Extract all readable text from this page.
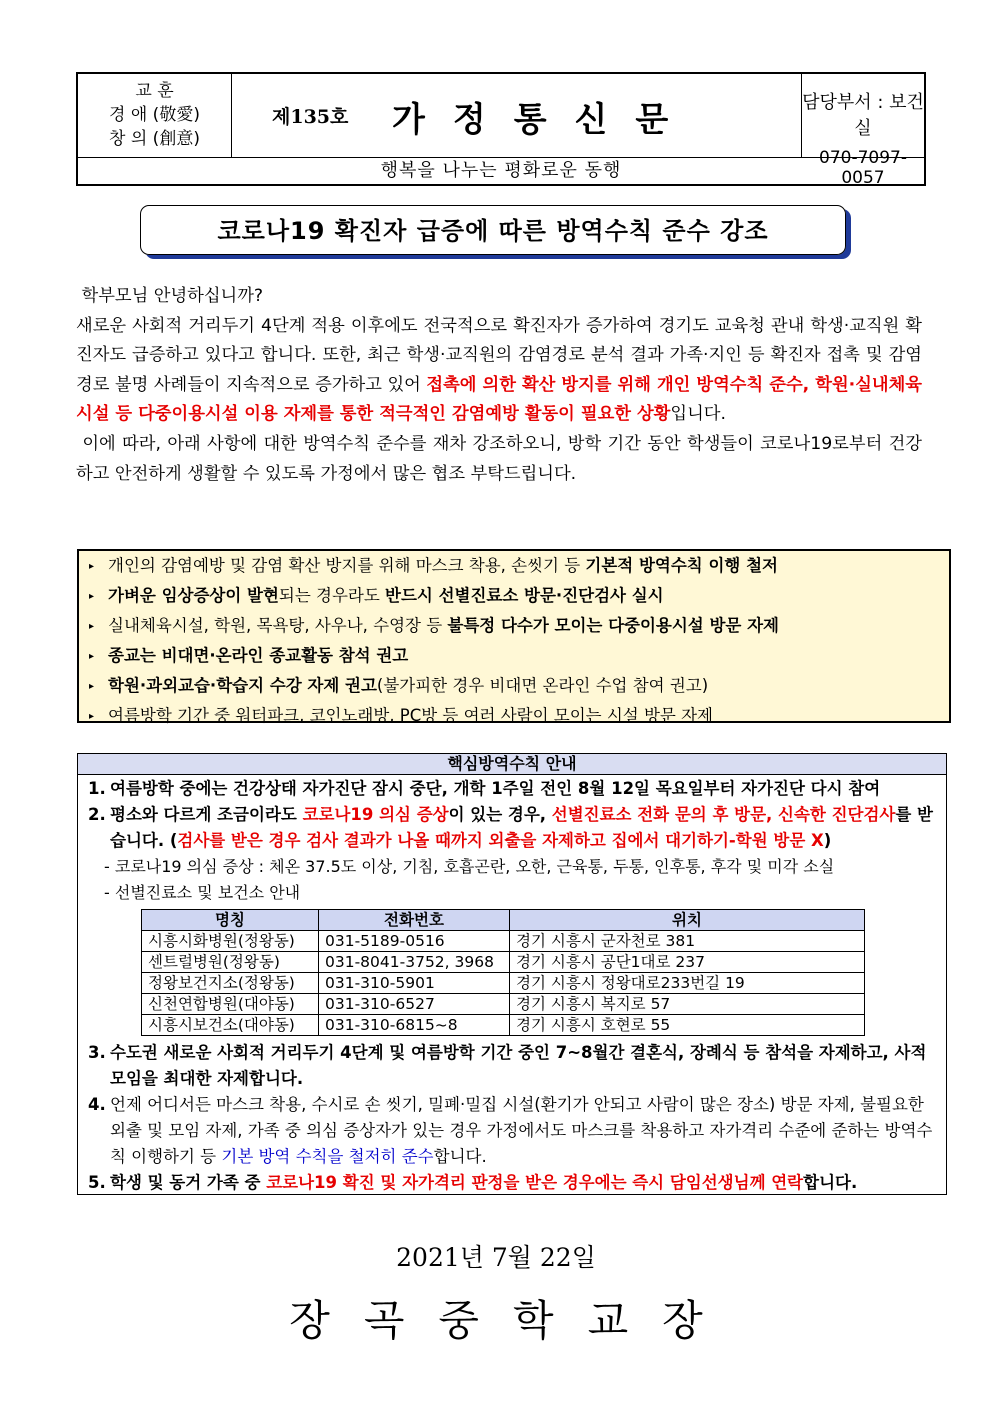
교 훈
경 애 (敬愛)
창 의 (創意)
제135호 가정통신문	담당부서 : 보건실
070-7097-0057
행복을 나누는 평화로운 동행
코로나19 확진자 급증에 따른 방역수칙 준수 강조

학부모님 안녕하십니까?

새로운 사회적 거리두기 4단계 적용 이후에도 전국적으로 확진자가 증가하여 경기도 교육청 관내 학생·교직원 확진자도 급증하고 있다고 합니다. 또한, 최근 학생·교직원의 감염경로 분석 결과 가족·지인 등 확진자 접촉 및 감염경로 불명 사례들이 지속적으로 증가하고 있어 접촉에 의한 확산 방지를 위해 개인 방역수칙 준수, 학원·실내체육시설 등 다중이용시설 이용 자제를 통한 적극적인 감염예방 활동이 필요한 상황입니다.

이에 따라, 아래 사항에 대한 방역수칙 준수를 재차 강조하오니, 방학 기간 동안 학생들이 코로나19로부터 건강하고 안전하게 생활할 수 있도록 가정에서 많은 협조 부탁드립니다.

▸ 개인의 감염예방 및 감염 확산 방지를 위해 마스크 착용, 손씻기 등 기본적 방역수칙 이행 철저
▸ 가벼운 임상증상이 발현되는 경우라도 반드시 선별진료소 방문·진단검사 실시
▸ 실내체육시설, 학원, 목욕탕, 사우나, 수영장 등 불특정 다수가 모이는 다중이용시설 방문 자제
▸ 종교는 비대면·온라인 종교활동 참석 권고
▸ 학원·과외교습·학습지 수강 자제 권고(불가피한 경우 비대면 온라인 수업 참여 권고)
▸ 여름방학 기간 중 워터파크, 코인노래방, PC방 등 여러 사람이 모이는 시설 방문 자제
핵심방역수칙 안내
1. 여름방학 중에는 건강상태 자가진단 잠시 중단, 개학 1주일 전인 8월 12일 목요일부터 자가진단 다시 참여
2. 평소와 다르게 조금이라도 코로나19 의심 증상이 있는 경우, 선별진료소 전화 문의 후 방문, 신속한 진단검사를 받습니다. (검사를 받은 경우 검사 결과가 나올 때까지 외출을 자제하고 집에서 대기하기-학원 방문 X)
- 코로나19 의심 증상 : 체온 37.5도 이상, 기침, 호흡곤란, 오한, 근육통, 두통, 인후통, 후각 및 미각 소실
- 선별진료소 및 보건소 안내
명칭	전화번호	위치
시흥시화병원(정왕동)	031-5189-0516	경기 시흥시 군자천로 381
센트럴병원(정왕동)	031-8041-3752, 3968	경기 시흥시 공단1대로 237
정왕보건지소(정왕동)	031-310-5901	경기 시흥시 정왕대로233번길 19
신천연합병원(대야동)	031-310-6527	경기 시흥시 복지로 57
시흥시보건소(대야동)	031-310-6815~8	경기 시흥시 호현로 55
3. 수도권 새로운 사회적 거리두기 4단계 및 여름방학 기간 중인 7~8월간 결혼식, 장례식 등 참석을 자제하고, 사적 모임을 최대한 자제합니다.
4. 언제 어디서든 마스크 착용, 수시로 손 씻기, 밀폐·밀집 시설(환기가 안되고 사람이 많은 장소) 방문 자제, 불필요한 외출 및 모임 자제, 가족 중 의심 증상자가 있는 경우 가정에서도 마스크를 착용하고 자가격리 수준에 준하는 방역수칙 이행하기 등 기본 방역 수칙을 철저히 준수합니다.
5. 학생 및 동거 가족 중 코로나19 확진 및 자가격리 판정을 받은 경우에는 즉시 담임선생님께 연락합니다.
2021년 7월 22일
장곡중학교장
